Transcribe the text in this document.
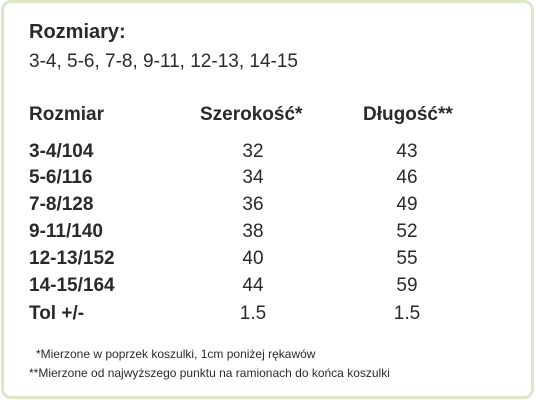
Rozmiary:
3-4, 5-6, 7-8, 9-11, 12-13, 14-15
Rozmiar	Szerokość*	Długość**
3-4/104	32	43
5-6/116	34	46
7-8/128	36	49
9-11/140	38	52
12-13/152	40	55
14-15/164	44	59
Tol +/-	1.5	1.5
*Mierzone w poprzek koszulki, 1cm poniżej rękawów
**Mierzone od najwyższego punktu na ramionach do końca koszulki
